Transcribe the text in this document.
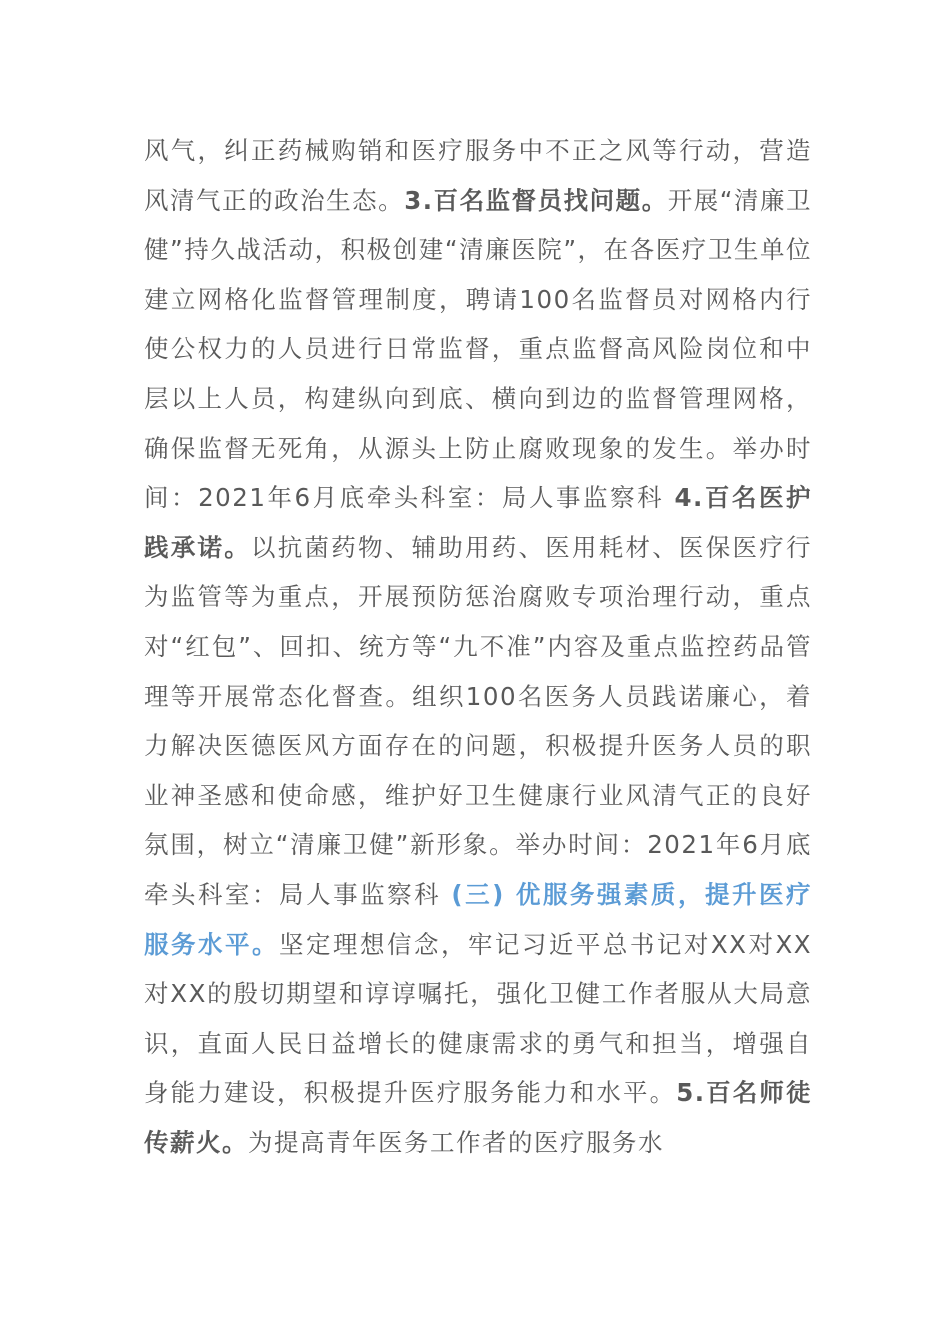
风气，纠正药械购销和医疗服务中不正之风等行动，营造风清气正的政治生态。3.百名监督员找问题。开展“清廉卫健”持久战活动，积极创建“清廉医院”，在各医疗卫生单位建立网格化监督管理制度，聘请100名监督员对网格内行使公权力的人员进行日常监督，重点监督高风险岗位和中层以上人员，构建纵向到底、横向到边的监督管理网格，确保监督无死角，从源头上防止腐败现象的发生。举办时间：2021年6月底牵头科室：局人事监察科 4.百名医护践承诺。以抗菌药物、辅助用药、医用耗材、医保医疗行为监管等为重点，开展预防惩治腐败专项治理行动，重点对“红包”、回扣、统方等“九不准”内容及重点监控药品管理等开展常态化督查。组织100名医务人员践诺廉心，着力解决医德医风方面存在的问题，积极提升医务人员的职业神圣感和使命感，维护好卫生健康行业风清气正的良好氛围，树立“清廉卫健”新形象。举办时间：2021年6月底牵头科室：局人事监察科 (三) 优服务强素质，提升医疗服务水平。坚定理想信念，牢记习近平总书记对XX对XX对XX的殷切期望和谆谆嘱托，强化卫健工作者服从大局意识，直面人民日益增长的健康需求的勇气和担当，增强自身能力建设，积极提升医疗服务能力和水平。5.百名师徒传薪火。为提高青年医务工作者的医疗服务水
